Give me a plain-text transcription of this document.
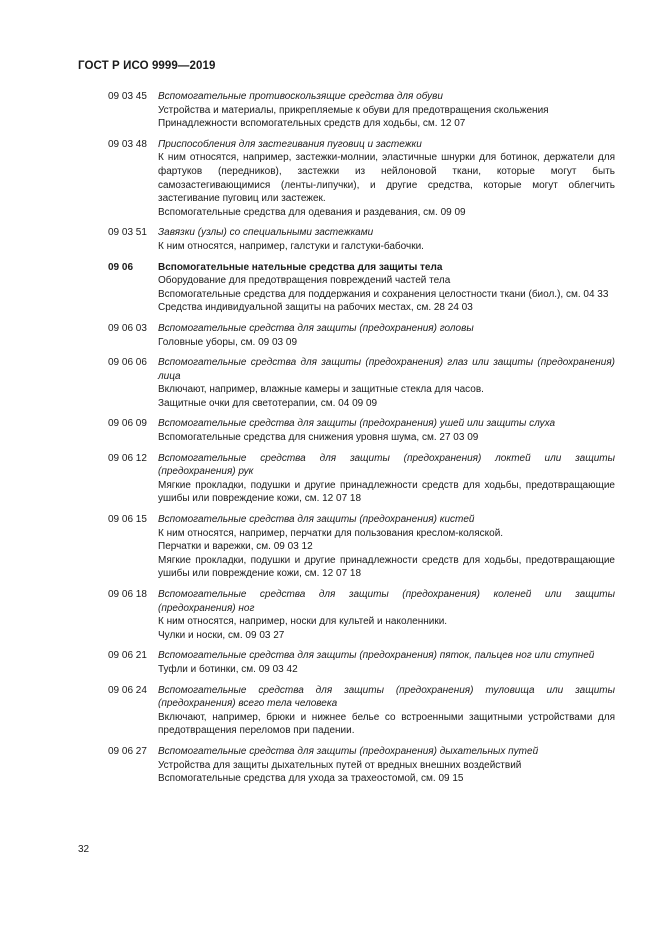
ГОСТ Р ИСО 9999—2019
09 03 45 Вспомогательные противоскользящие средства для обуви
Устройства и материалы, прикрепляемые к обуви для предотвращения скольжения
Принадлежности вспомогательных средств для ходьбы, см. 12 07
09 03 48 Приспособления для застегивания пуговиц и застежки
К ним относятся, например, застежки-молнии, эластичные шнурки для ботинок, держатели для фартуков (передников), застежки из нейлоновой ткани, которые могут быть самозастегивающимися (ленты-липучки), и другие средства, которые могут облегчить застегивание пуговиц или застежек.
Вспомогательные средства для одевания и раздевания, см. 09 09
09 03 51 Завязки (узлы) со специальными застежками
К ним относятся, например, галстуки и галстуки-бабочки.
09 06 Вспомогательные нательные средства для защиты тела
Оборудование для предотвращения повреждений частей тела
Вспомогательные средства для поддержания и сохранения целостности ткани (биол.), см. 04 33
Средства индивидуальной защиты на рабочих местах, см. 28 24 03
09 06 03 Вспомогательные средства для защиты (предохранения) головы
Головные уборы, см. 09 03 09
09 06 06 Вспомогательные средства для защиты (предохранения) глаз или защиты (предохранения) лица
Включают, например, влажные камеры и защитные стекла для часов.
Защитные очки для светотерапии, см. 04 09 09
09 06 09 Вспомогательные средства для защиты (предохранения) ушей или защиты слуха
Вспомогательные средства для снижения уровня шума, см. 27 03 09
09 06 12 Вспомогательные средства для защиты (предохранения) локтей или защиты (предохранения) рук
Мягкие прокладки, подушки и другие принадлежности средств для ходьбы, предотвращающие ушибы или повреждение кожи, см. 12 07 18
09 06 15 Вспомогательные средства для защиты (предохранения) кистей
К ним относятся, например, перчатки для пользования креслом-коляской.
Перчатки и варежки, см. 09 03 12
Мягкие прокладки, подушки и другие принадлежности средств для ходьбы, предотвращающие ушибы или повреждение кожи, см. 12 07 18
09 06 18 Вспомогательные средства для защиты (предохранения) коленей или защиты (предохранения) ног
К ним относятся, например, носки для культей и наколенники.
Чулки и носки, см. 09 03 27
09 06 21 Вспомогательные средства для защиты (предохранения) пяток, пальцев ног или ступней
Туфли и ботинки, см. 09 03 42
09 06 24 Вспомогательные средства для защиты (предохранения) туловища или защиты (предохранения) всего тела человека
Включают, например, брюки и нижнее белье со встроенными защитными устройствами для предотвращения переломов при падении.
09 06 27 Вспомогательные средства для защиты (предохранения) дыхательных путей
Устройства для защиты дыхательных путей от вредных внешних воздействий
Вспомогательные средства для ухода за трахеостомой, см. 09 15
32
